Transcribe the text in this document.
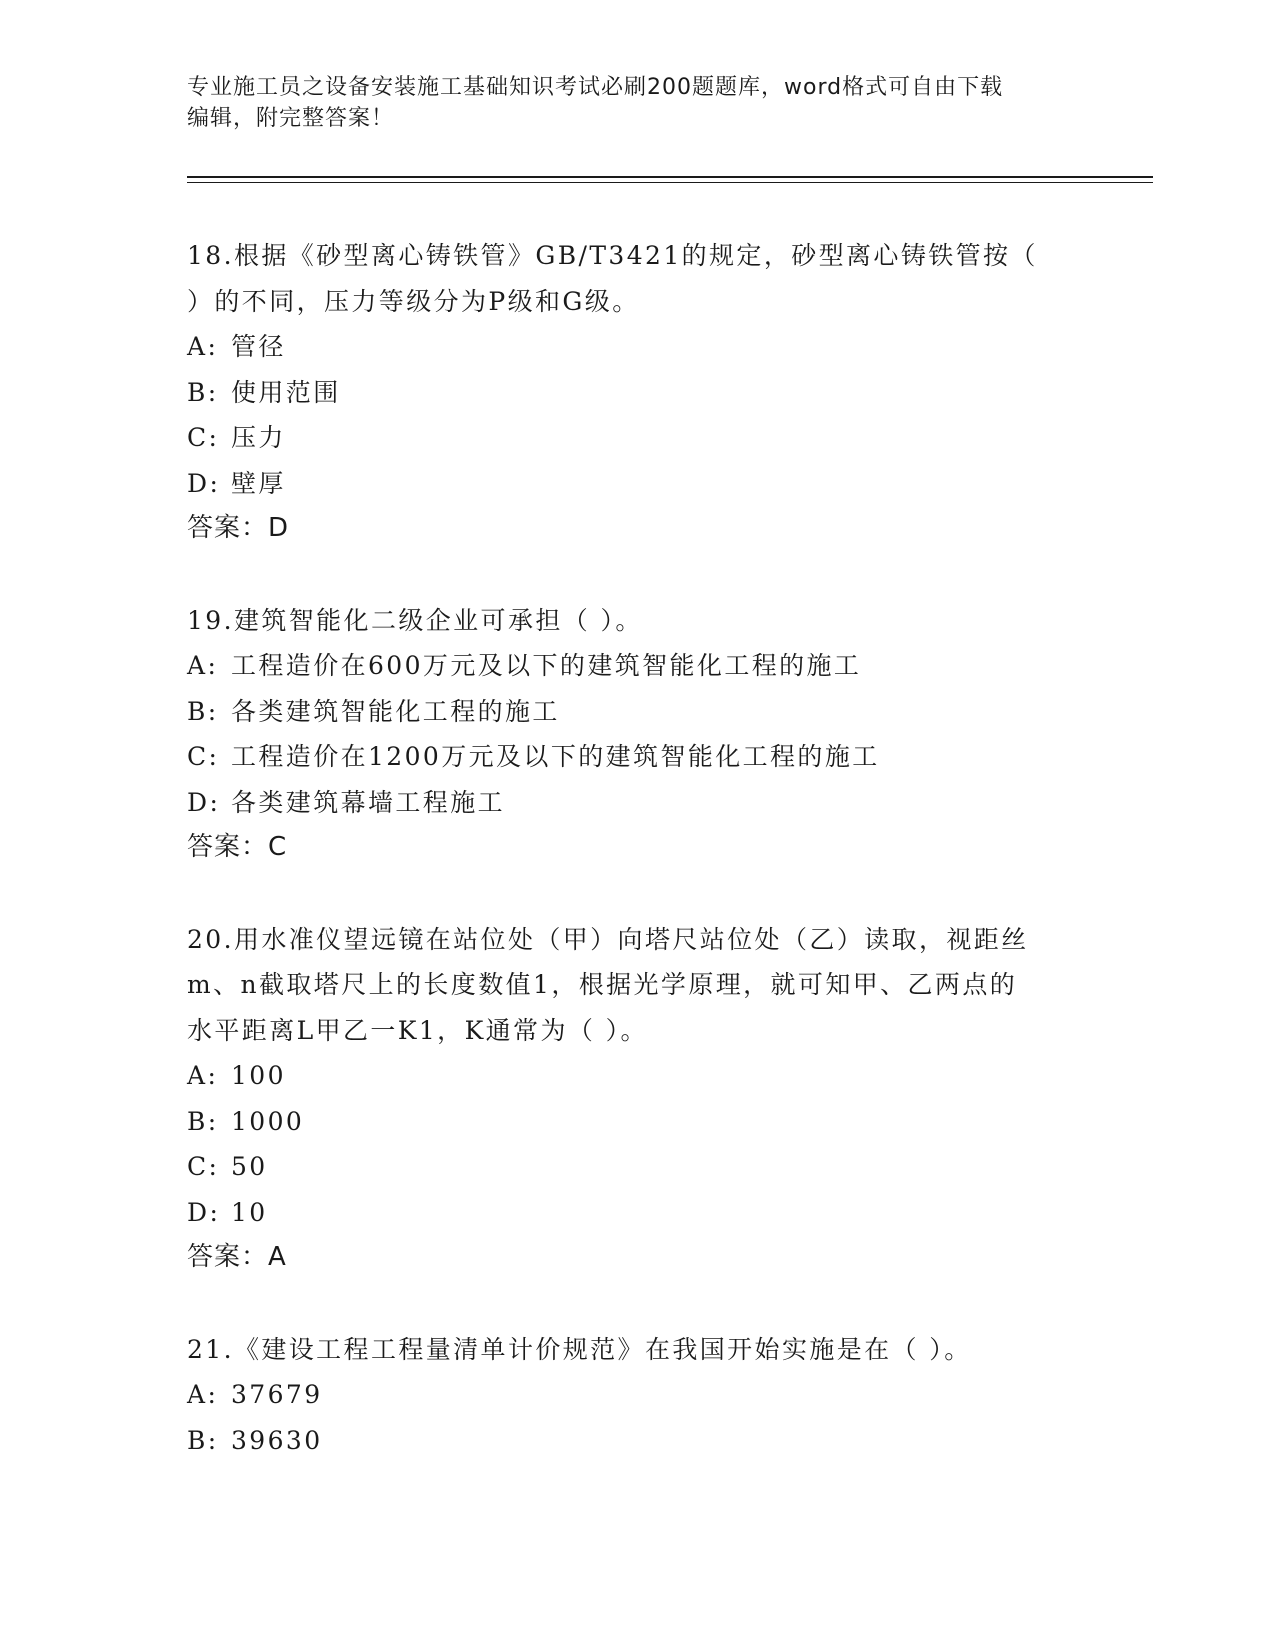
专业施工员之设备安装施工基础知识考试必刷200题题库，word格式可自由下载
编辑，附完整答案！
18.根据《砂型离心铸铁管》GB/T3421的规定，砂型离心铸铁管按（
）的不同，压力等级分为P级和G级。
A: 管径
B: 使用范围
C: 压力
D: 壁厚
答案：D
19.建筑智能化二级企业可承担（ ）。
A: 工程造价在600万元及以下的建筑智能化工程的施工
B: 各类建筑智能化工程的施工
C: 工程造价在1200万元及以下的建筑智能化工程的施工
D: 各类建筑幕墙工程施工
答案：C
20.用水准仪望远镜在站位处（甲）向塔尺站位处（乙）读取，视距丝
m、n截取塔尺上的长度数值1，根据光学原理，就可知甲、乙两点的
水平距离L甲乙一K1，K通常为（ ）。
A: 100
B: 1000
C: 50
D: 10
答案：A
21.《建设工程工程量清单计价规范》在我国开始实施是在（ ）。
A: 37679
B: 39630
